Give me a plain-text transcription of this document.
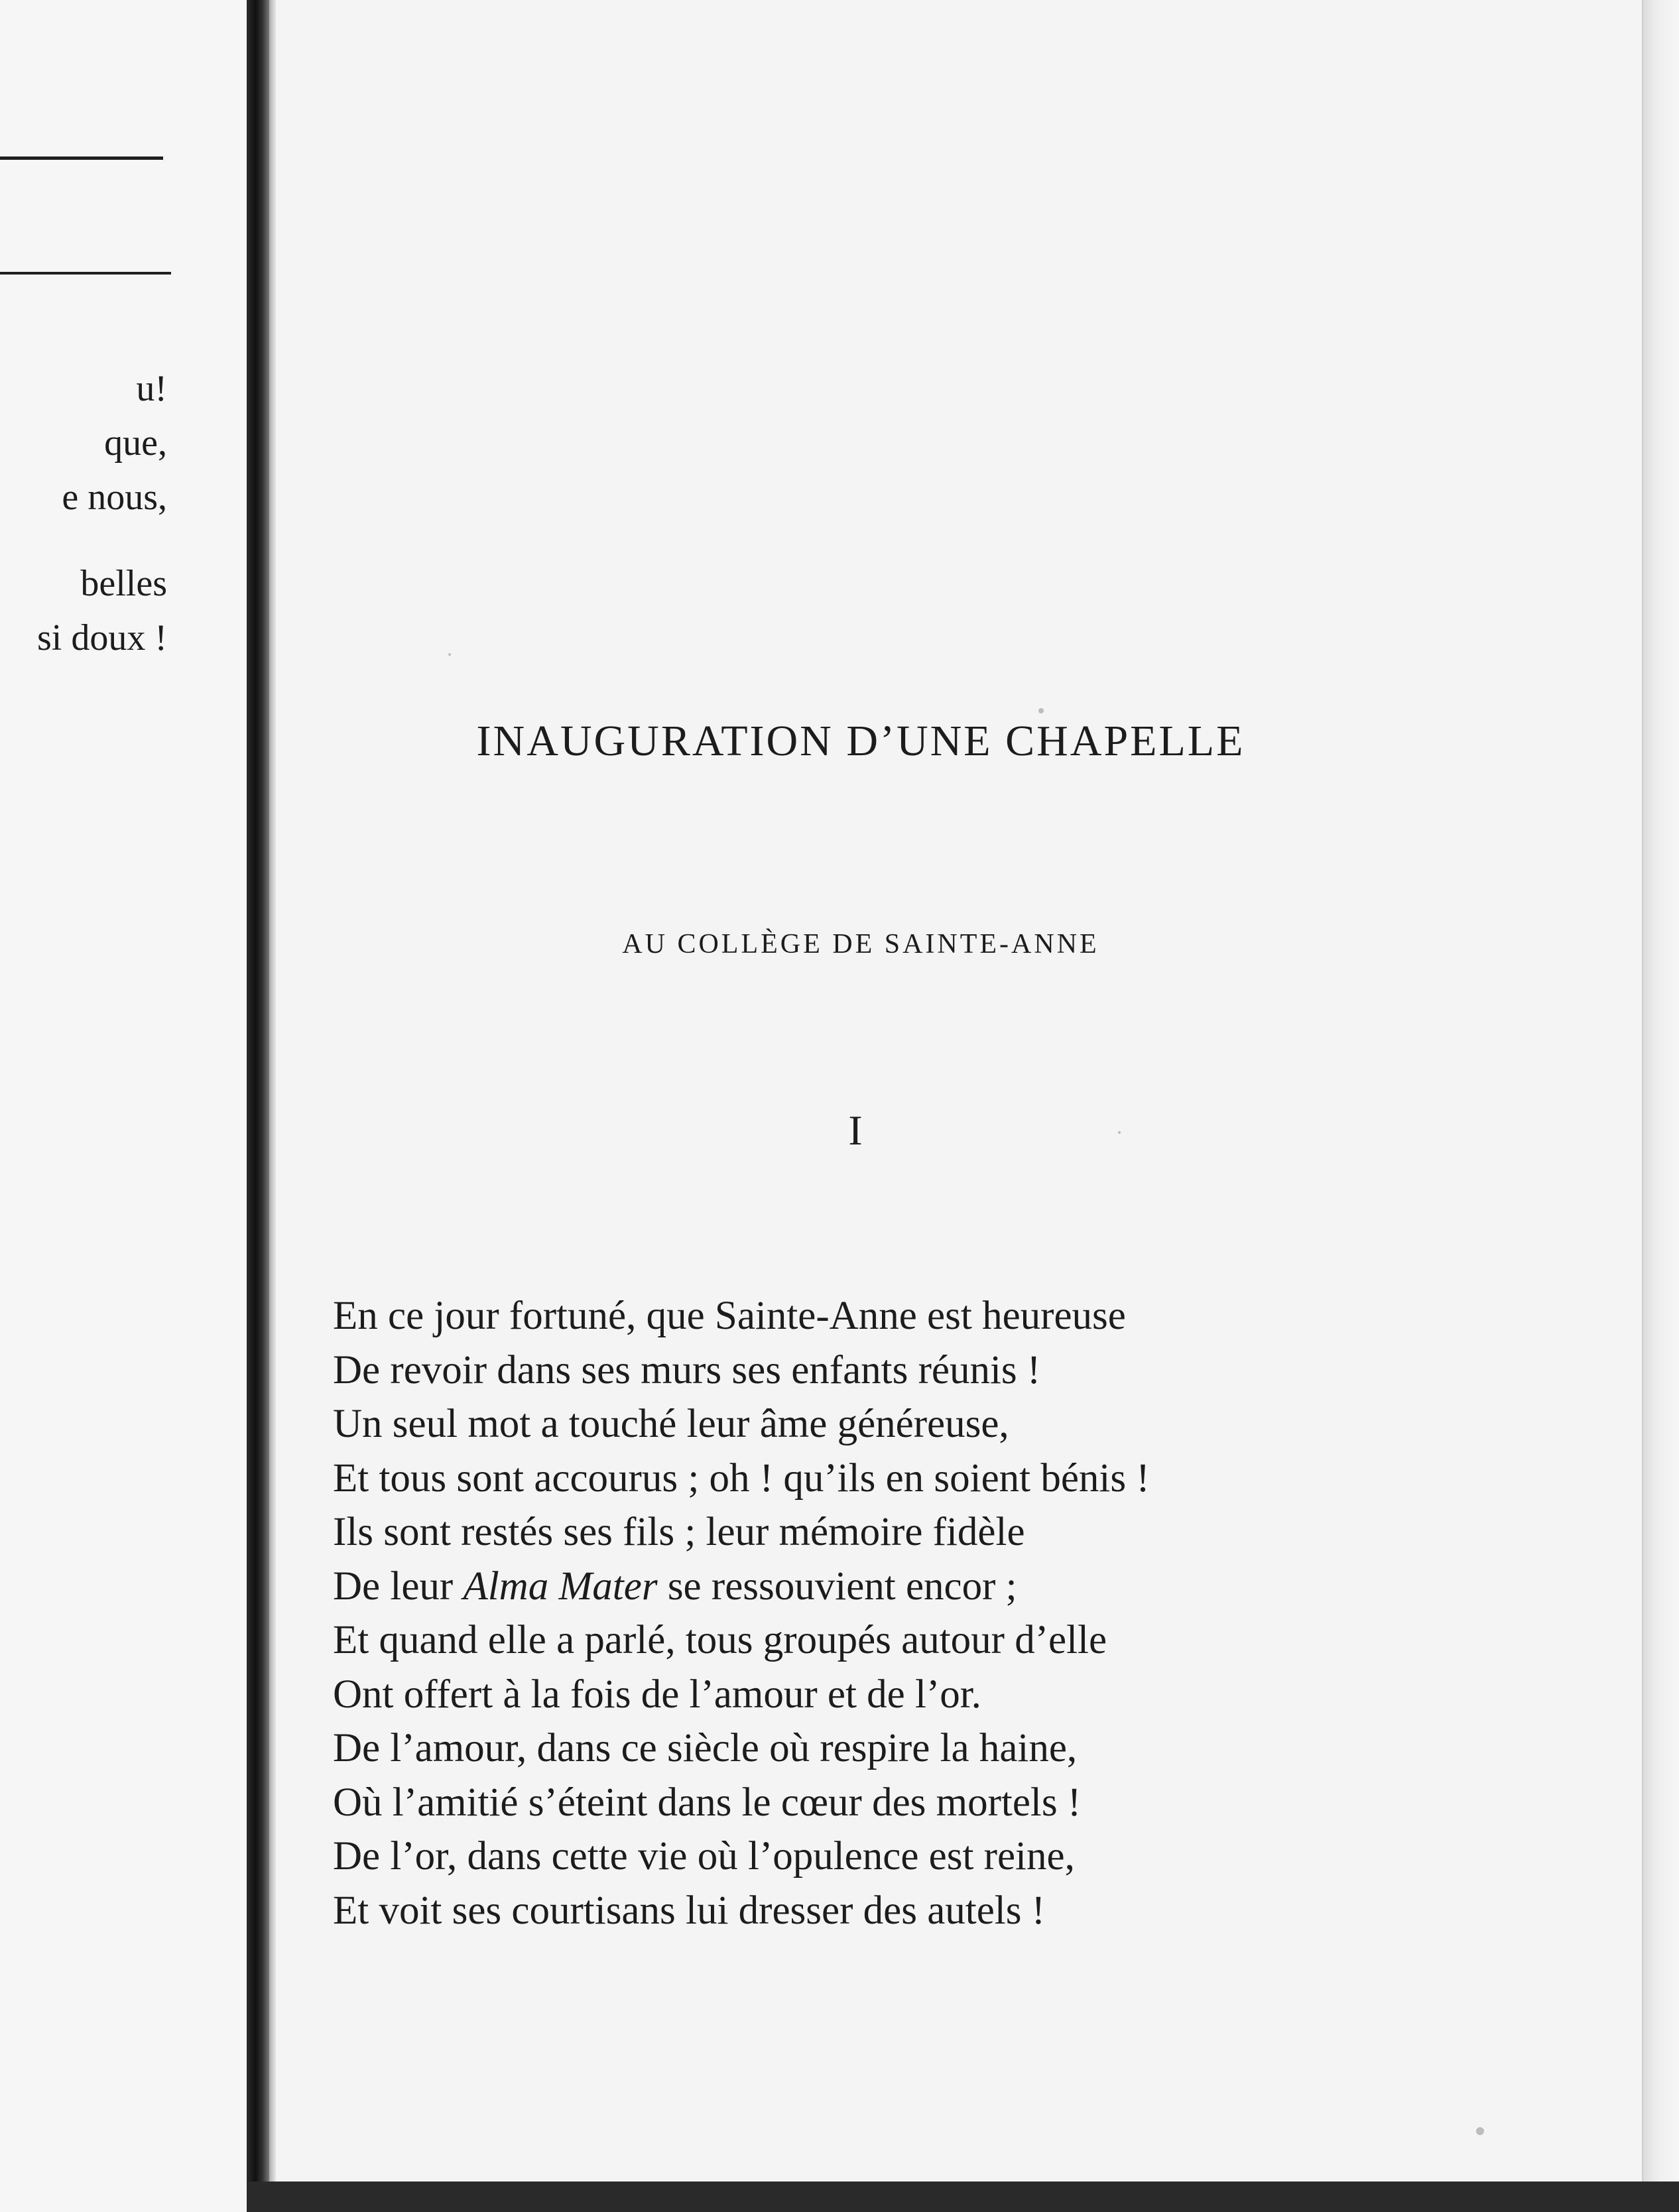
u!
que,
e nous,
belles
si doux !
INAUGURATION D’UNE CHAPELLE
AU COLLÈGE DE SAINTE-ANNE
I
En ce jour fortuné, que Sainte-Anne est heureuse
De revoir dans ses murs ses enfants réunis !
Un seul mot a touché leur âme généreuse,
Et tous sont accourus ; oh ! qu’ils en soient bénis !
Ils sont restés ses fils ; leur mémoire fidèle
De leur Alma Mater se ressouvient encor ;
Et quand elle a parlé, tous groupés autour d’elle
Ont offert à la fois de l’amour et de l’or.
De l’amour, dans ce siècle où respire la haine,
Où l’amitié s’éteint dans le cœur des mortels !
De l’or, dans cette vie où l’opulence est reine,
Et voit ses courtisans lui dresser des autels !
